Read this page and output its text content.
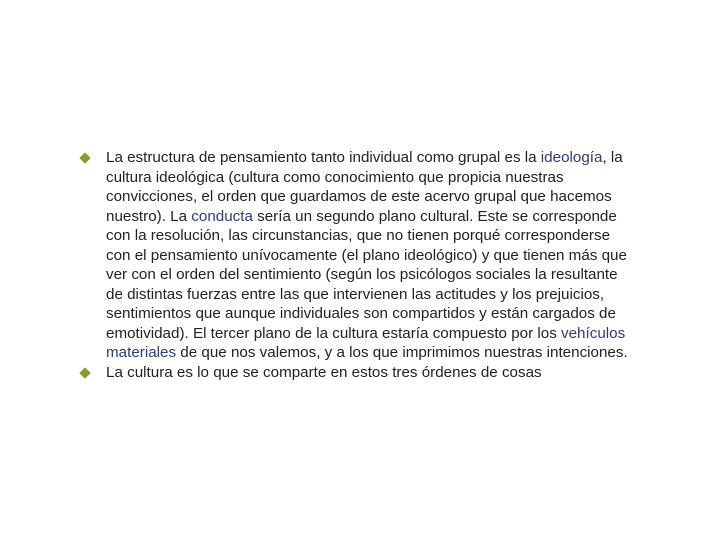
La estructura de pensamiento tanto individual como grupal es la ideología, la cultura ideológica (cultura como conocimiento que propicia nuestras convicciones, el orden que guardamos de este acervo grupal que hacemos nuestro). La conducta sería un segundo plano cultural. Este se corresponde con la resolución, las circunstancias, que no tienen porqué corresponderse con el pensamiento unívocamente (el plano ideológico) y que tienen más que ver con el orden del sentimiento (según los psicólogos sociales la resultante de distintas fuerzas entre las que intervienen las actitudes y los prejuicios, sentimientos que aunque individuales son compartidos y están cargados de emotividad). El tercer plano de la cultura estaría compuesto por los vehículos materiales de que nos valemos, y a los que imprimimos nuestras intenciones.
La cultura es lo que se comparte en estos tres órdenes de cosas
